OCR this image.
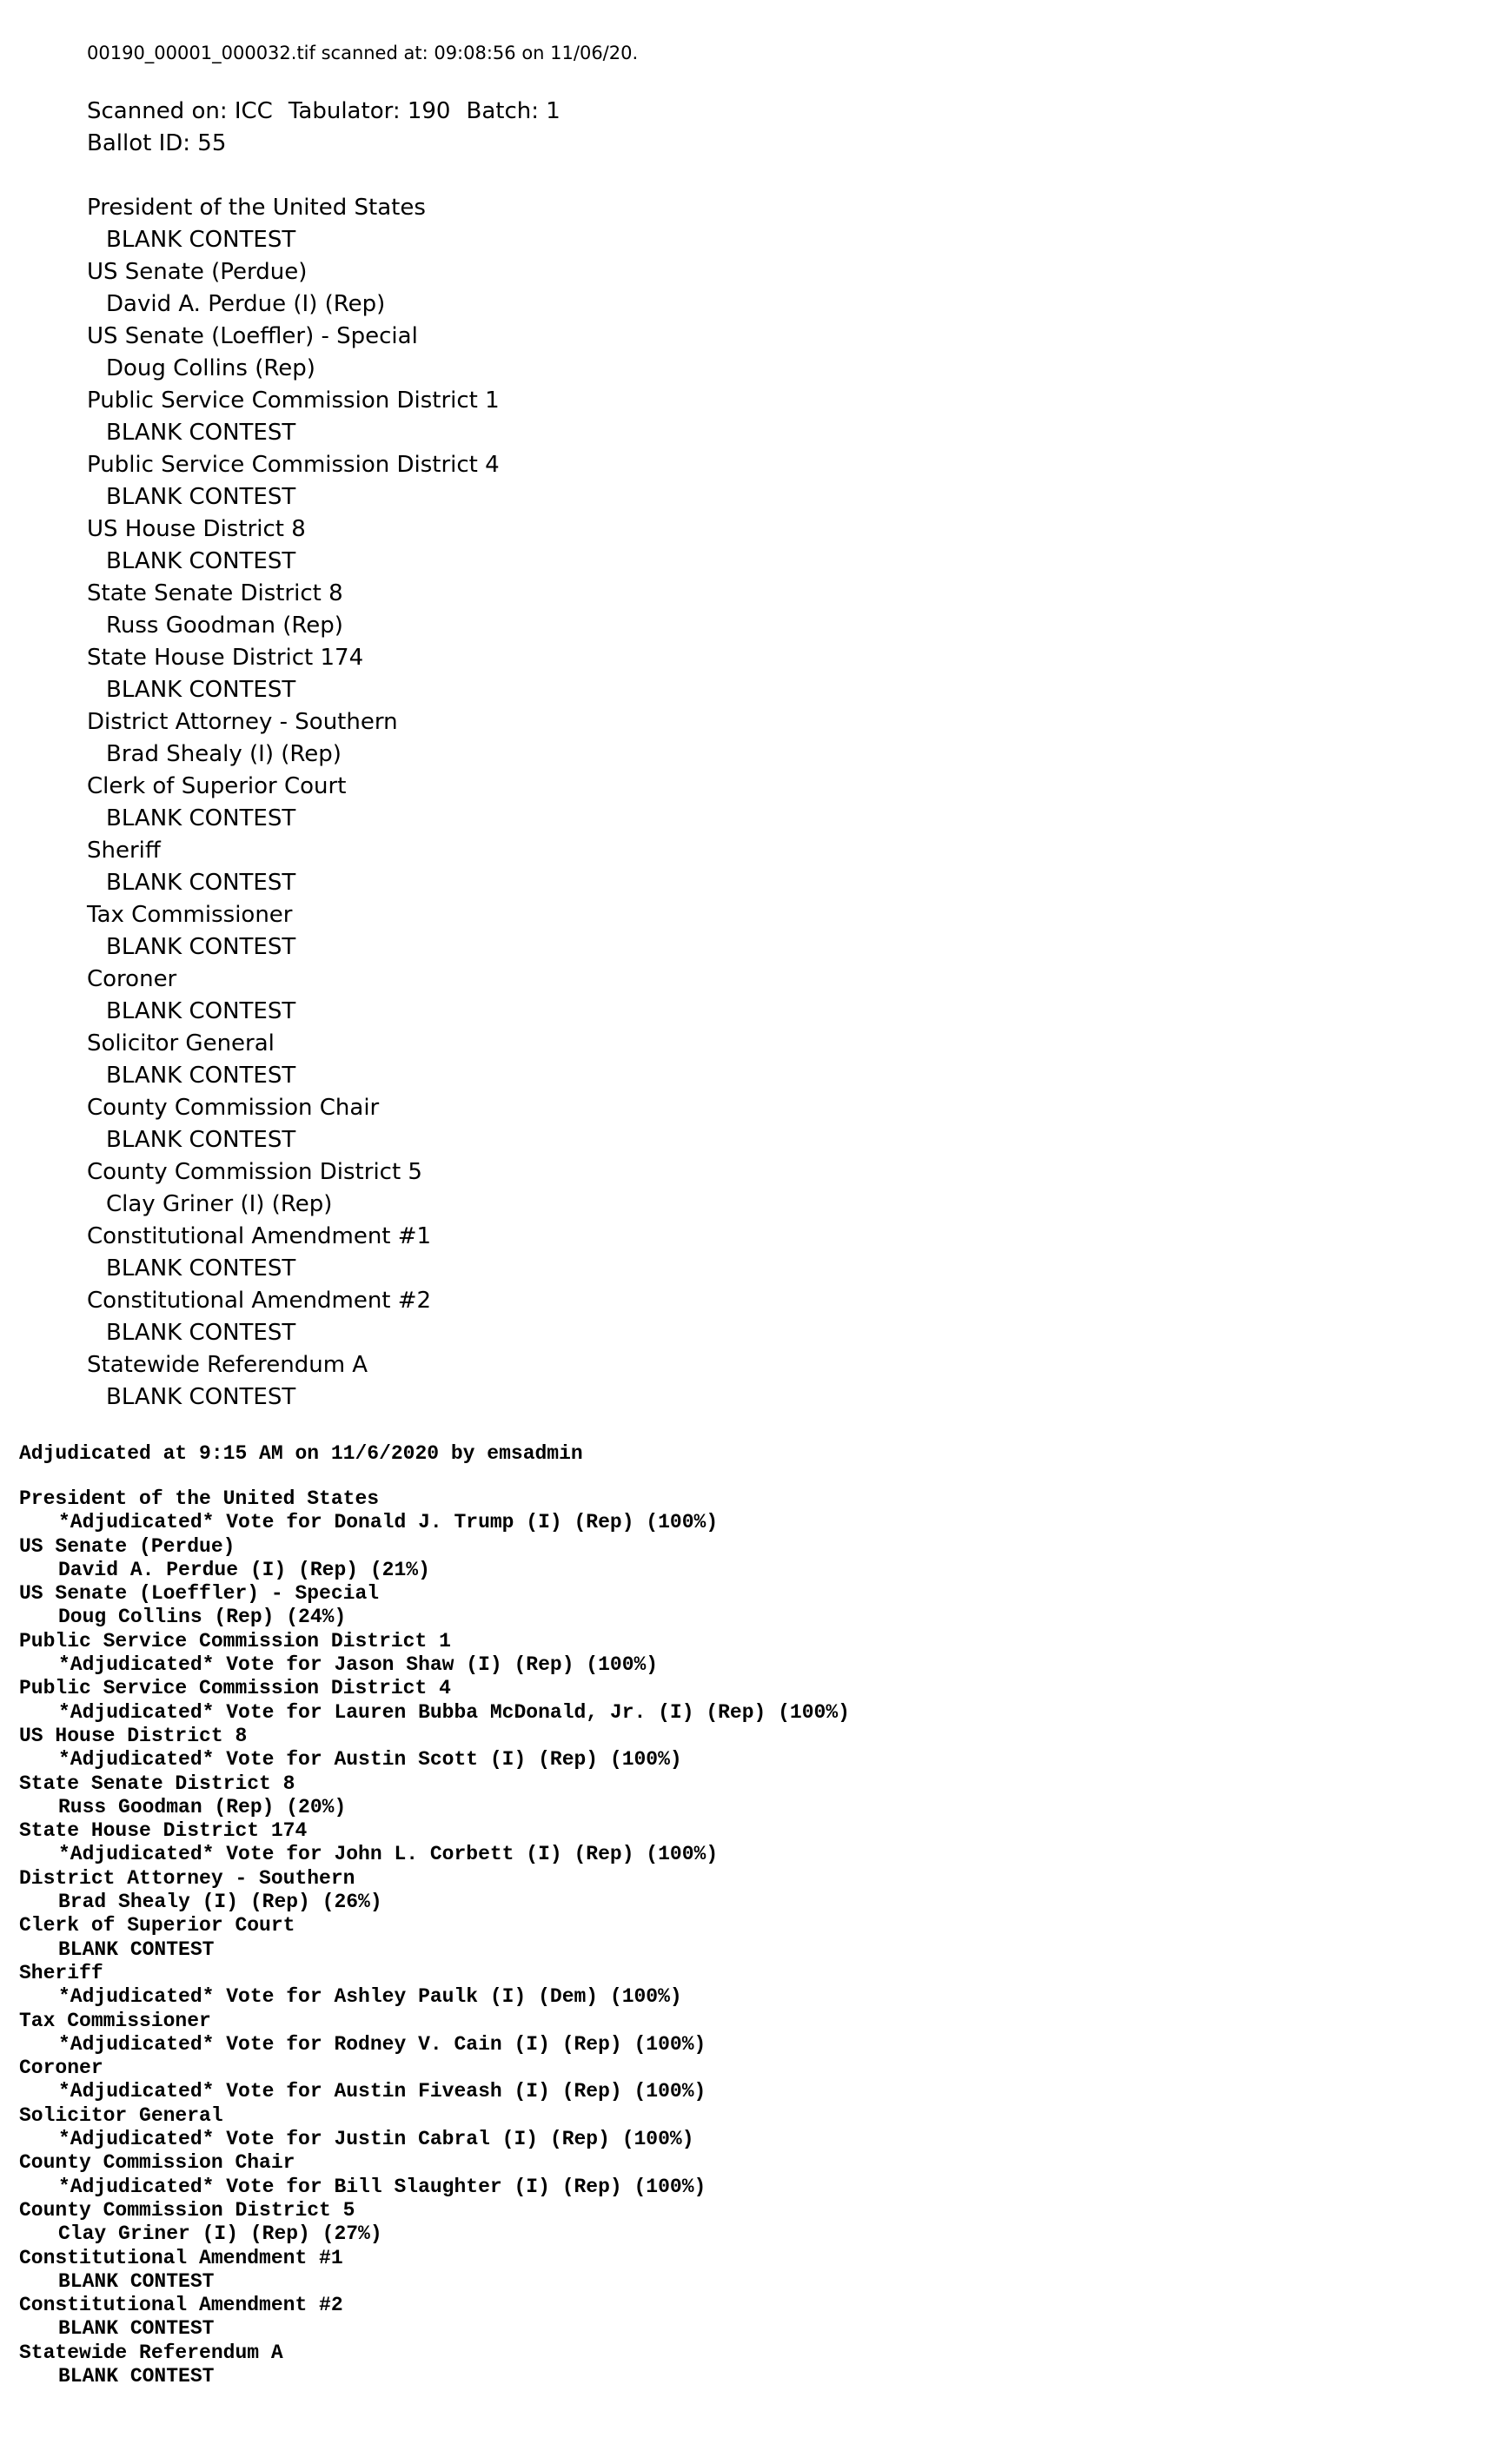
00190_00001_000032.tif scanned at: 09:08:56 on 11/06/20.
Scanned on: ICC Tabulator: 190 Batch: 1
Ballot ID: 55
President of the United States
BLANK CONTEST
US Senate (Perdue)
David A. Perdue (I) (Rep)
US Senate (Loeffler) - Special
Doug Collins (Rep)
Public Service Commission District 1
BLANK CONTEST
Public Service Commission District 4
BLANK CONTEST
US House District 8
BLANK CONTEST
State Senate District 8
Russ Goodman (Rep)
State House District 174
BLANK CONTEST
District Attorney - Southern
Brad Shealy (I) (Rep)
Clerk of Superior Court
BLANK CONTEST
Sheriff
BLANK CONTEST
Tax Commissioner
BLANK CONTEST
Coroner
BLANK CONTEST
Solicitor General
BLANK CONTEST
County Commission Chair
BLANK CONTEST
County Commission District 5
Clay Griner (I) (Rep)
Constitutional Amendment #1
BLANK CONTEST
Constitutional Amendment #2
BLANK CONTEST
Statewide Referendum A
BLANK CONTEST
Adjudicated at 9:15 AM on 11/6/2020 by emsadmin
President of the United States
*Adjudicated* Vote for Donald J. Trump (I) (Rep) (100%)
US Senate (Perdue)
David A. Perdue (I) (Rep) (21%)
US Senate (Loeffler) - Special
Doug Collins (Rep) (24%)
Public Service Commission District 1
*Adjudicated* Vote for Jason Shaw (I) (Rep) (100%)
Public Service Commission District 4
*Adjudicated* Vote for Lauren Bubba McDonald, Jr. (I) (Rep) (100%)
US House District 8
*Adjudicated* Vote for Austin Scott (I) (Rep) (100%)
State Senate District 8
Russ Goodman (Rep) (20%)
State House District 174
*Adjudicated* Vote for John L. Corbett (I) (Rep) (100%)
District Attorney - Southern
Brad Shealy (I) (Rep) (26%)
Clerk of Superior Court
BLANK CONTEST
Sheriff
*Adjudicated* Vote for Ashley Paulk (I) (Dem) (100%)
Tax Commissioner
*Adjudicated* Vote for Rodney V. Cain (I) (Rep) (100%)
Coroner
*Adjudicated* Vote for Austin Fiveash (I) (Rep) (100%)
Solicitor General
*Adjudicated* Vote for Justin Cabral (I) (Rep) (100%)
County Commission Chair
*Adjudicated* Vote for Bill Slaughter (I) (Rep) (100%)
County Commission District 5
Clay Griner (I) (Rep) (27%)
Constitutional Amendment #1
BLANK CONTEST
Constitutional Amendment #2
BLANK CONTEST
Statewide Referendum A
BLANK CONTEST
